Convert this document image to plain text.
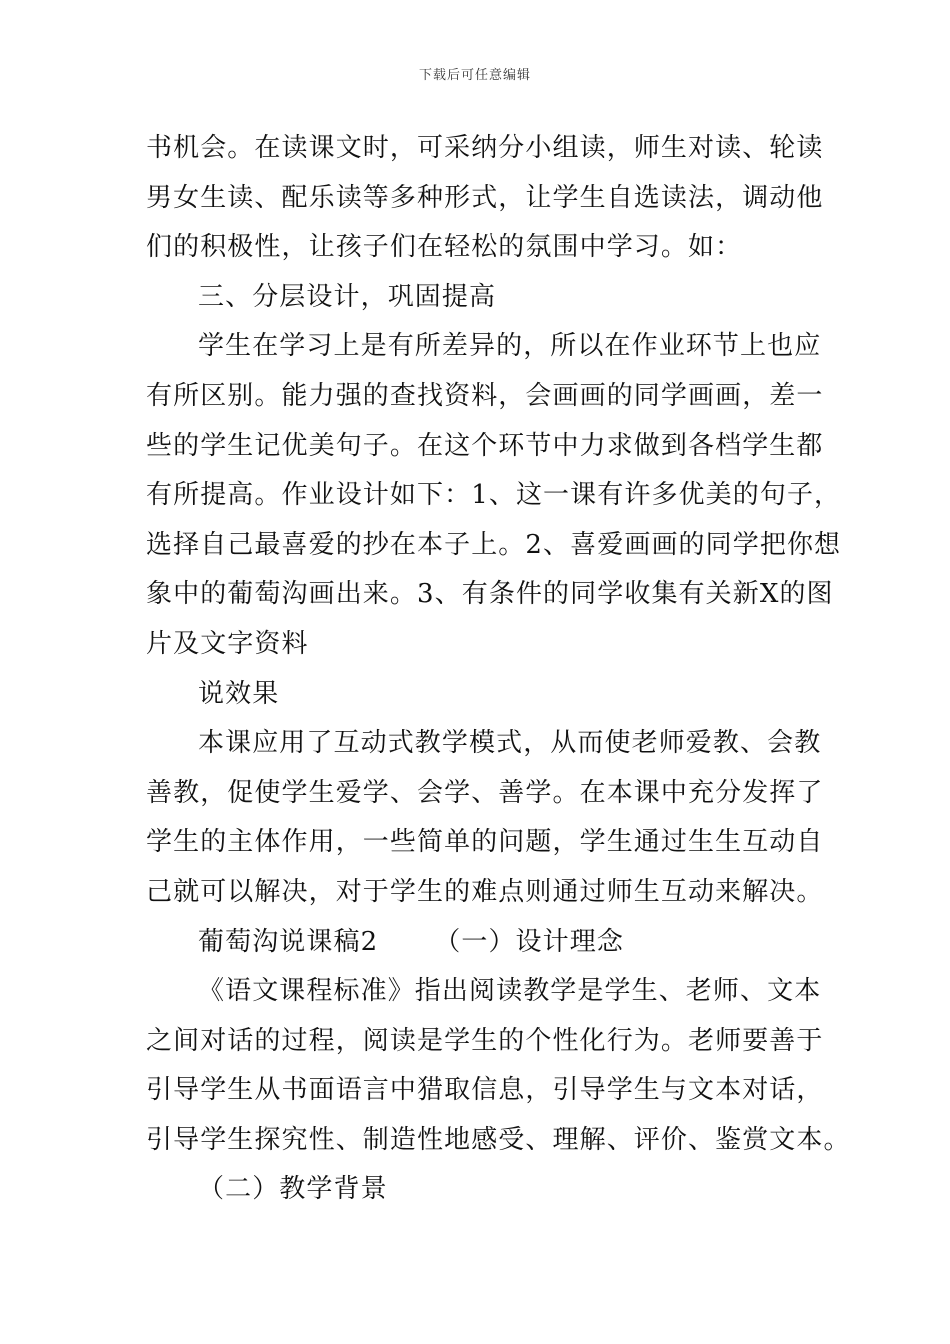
下载后可任意编辑
书机会。在读课文时，可采纳分小组读，师生对读、轮读
男女生读、配乐读等多种形式，让学生自选读法，调动他
们的积极性，让孩子们在轻松的氛围中学习。如：
三、分层设计，巩固提高
学生在学习上是有所差异的，所以在作业环节上也应
有所区别。能力强的查找资料，会画画的同学画画，差一
些的学生记优美句子。在这个环节中力求做到各档学生都
有所提高。作业设计如下：1、这一课有许多优美的句子，
选择自己最喜爱的抄在本子上。2、喜爱画画的同学把你想
象中的葡萄沟画出来。3、有条件的同学收集有关新X的图
片及文字资料
说效果
本课应用了互动式教学模式，从而使老师爱教、会教
善教，促使学生爱学、会学、善学。在本课中充分发挥了
学生的主体作用，一些简单的问题，学生通过生生互动自
己就可以解决，对于学生的难点则通过师生互动来解决。
葡萄沟说课稿2 （一）设计理念
《语文课程标准》指出阅读教学是学生、老师、文本
之间对话的过程，阅读是学生的个性化行为。老师要善于
引导学生从书面语言中猎取信息，引导学生与文本对话，
引导学生探究性、制造性地感受、理解、评价、鉴赏文本。
（二）教学背景
